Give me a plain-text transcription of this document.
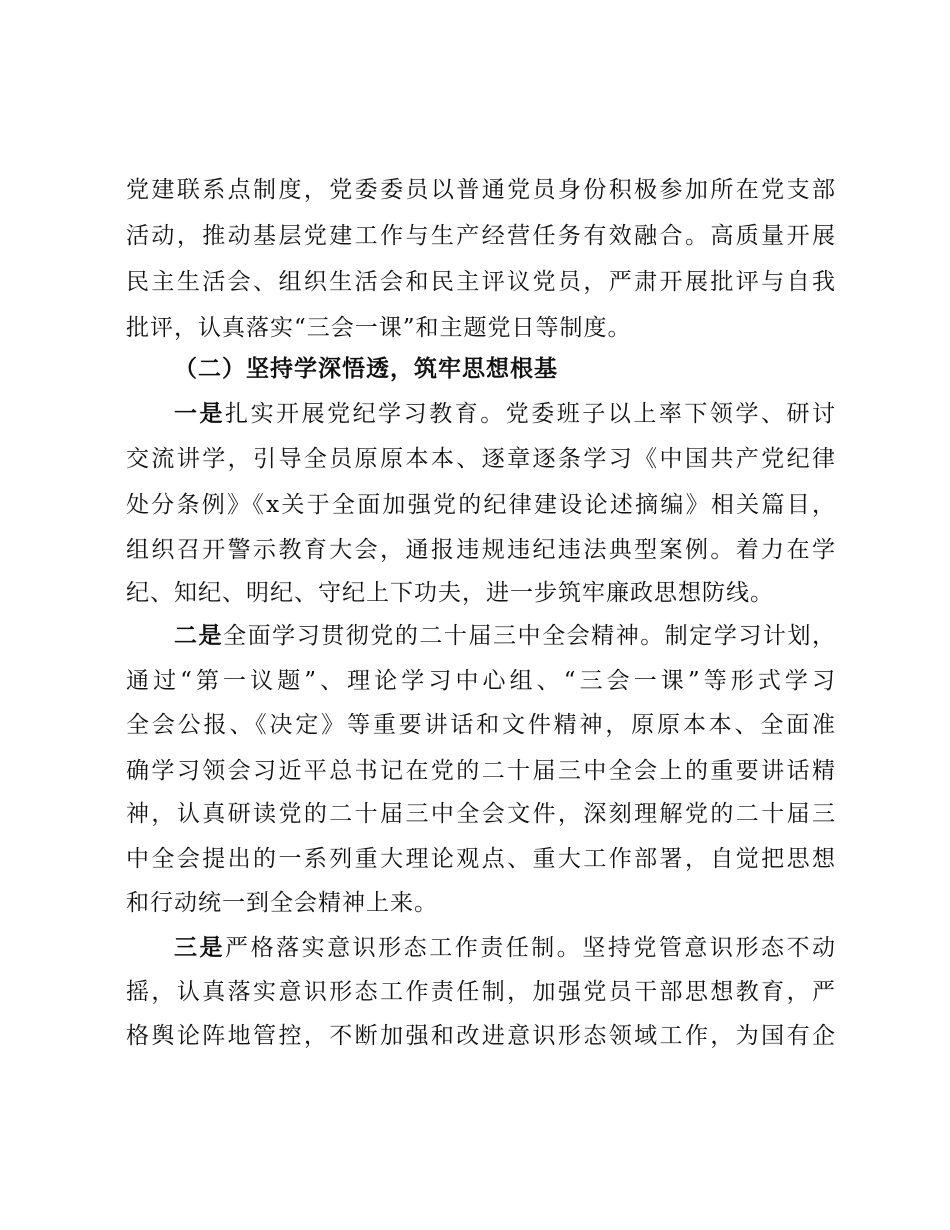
党建联系点制度，党委委员以普通党员身份积极参加所在党支部
活动，推动基层党建工作与生产经营任务有效融合。高质量开展
民主生活会、组织生活会和民主评议党员，严肃开展批评与自我
批评，认真落实“三会一课”和主题党日等制度。
（二）坚持学深悟透，筑牢思想根基
一是扎实开展党纪学习教育。党委班子以上率下领学、研讨
交流讲学，引导全员原原本本、逐章逐条学习《中国共产党纪律
处分条例》《x关于全面加强党的纪律建设论述摘编》相关篇目，
组织召开警示教育大会，通报违规违纪违法典型案例。着力在学
纪、知纪、明纪、守纪上下功夫，进一步筑牢廉政思想防线。
二是全面学习贯彻党的二十届三中全会精神。制定学习计划，
通过“第一议题”、理论学习中心组、“三会一课”等形式学习
全会公报、《决定》等重要讲话和文件精神，原原本本、全面准
确学习领会习近平总书记在党的二十届三中全会上的重要讲话精
神，认真研读党的二十届三中全会文件，深刻理解党的二十届三
中全会提出的一系列重大理论观点、重大工作部署，自觉把思想
和行动统一到全会精神上来。
三是严格落实意识形态工作责任制。坚持党管意识形态不动
摇，认真落实意识形态工作责任制，加强党员干部思想教育，严
格舆论阵地管控，不断加强和改进意识形态领域工作，为国有企
